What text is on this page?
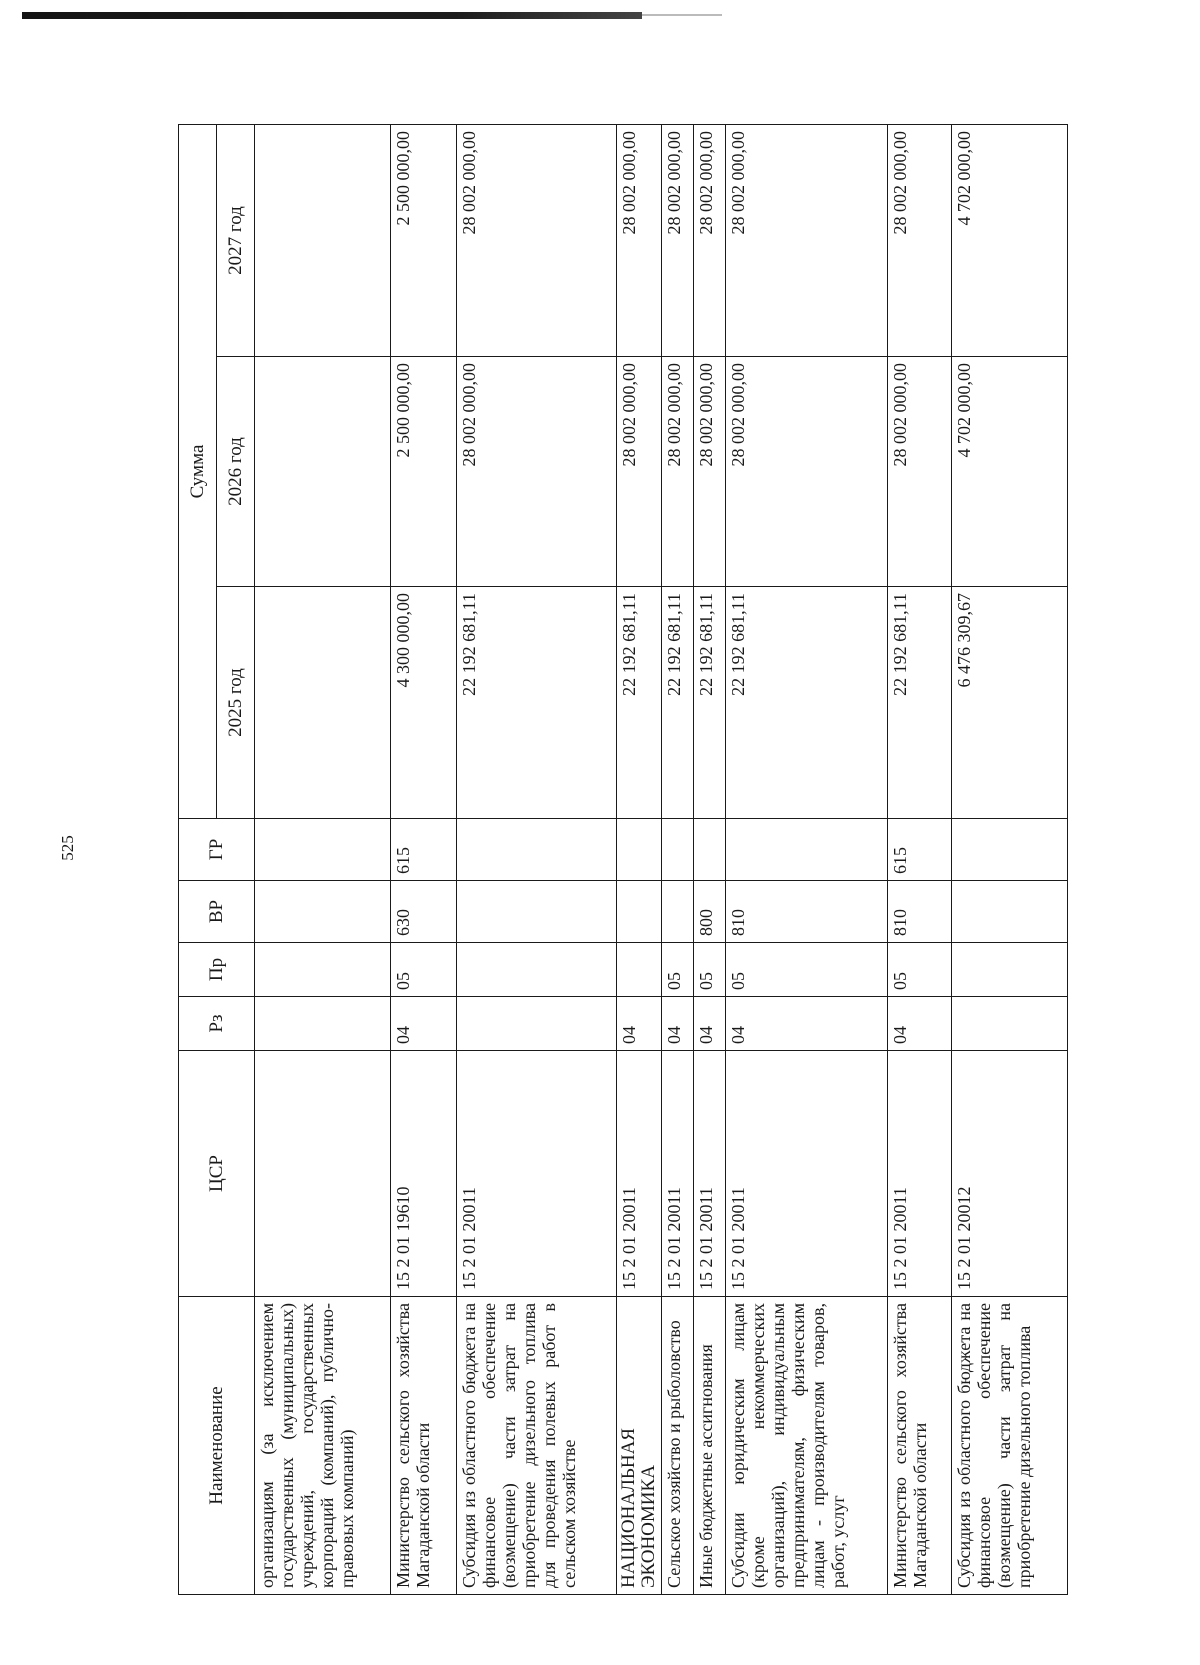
525
Наименование	ЦСР	Рз	Пр	ВР	ГР	Сумма		
						2025 год	2026 год	2027 год
организациям (за исключением государственных (муниципальных) учреждений, государственных корпораций (компаний), публично-правовых компаний)								
Министерство сельского хозяйства Магаданской области	15 2 01 19610	04	05	630	615	4 300 000,00	2 500 000,00	2 500 000,00
Субсидия из областного бюджета на финансовое обеспечение (возмещение) части затрат на приобретение дизельного топлива для проведения полевых работ в сельском хозяйстве	15 2 01 20011					22 192 681,11	28 002 000,00	28 002 000,00
НАЦИОНАЛЬНАЯ ЭКОНОМИКА	15 2 01 20011	04				22 192 681,11	28 002 000,00	28 002 000,00
Сельское хозяйство и рыболовство	15 2 01 20011	04	05			22 192 681,11	28 002 000,00	28 002 000,00
Иные бюджетные ассигнования	15 2 01 20011	04	05	800		22 192 681,11	28 002 000,00	28 002 000,00
Субсидии юридическим лицам (кроме некоммерческих организаций), индивидуальным предпринимателям, физическим лицам - производителям товаров, работ, услуг	15 2 01 20011	04	05	810		22 192 681,11	28 002 000,00	28 002 000,00
Министерство сельского хозяйства Магаданской области	15 2 01 20011	04	05	810	615	22 192 681,11	28 002 000,00	28 002 000,00
Субсидия из областного бюджета на финансовое обеспечение (возмещение) части затрат на приобретение дизельного топлива	15 2 01 20012					6 476 309,67	4 702 000,00	4 702 000,00
